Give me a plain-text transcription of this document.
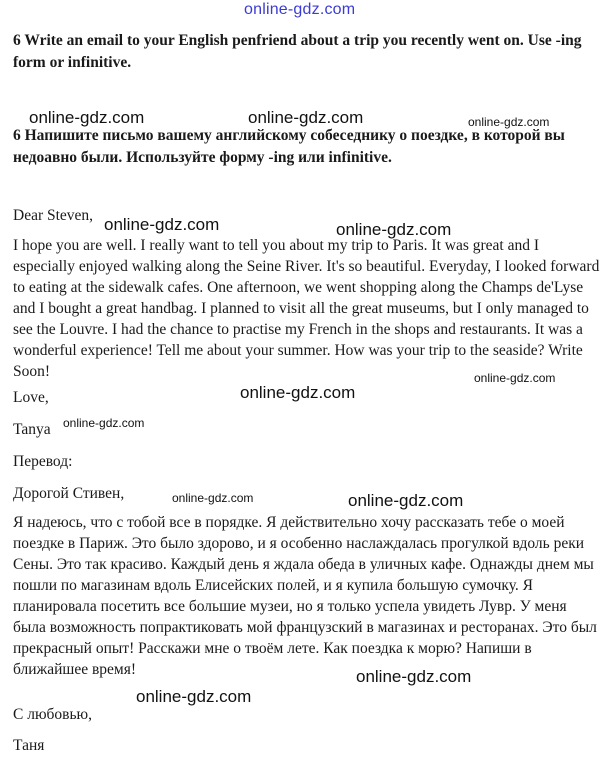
online-gdz.com

6 Write an email to your English penfriend about a trip you recently went on. Use -ing form or infinitive.

6 Напишите письмо вашему английскому собеседнику о поездке, в которой вы недоавно были. Используйте форму -ing или infinitive.

Dear Steven,

I hope you are well. I really want to tell you about my trip to Paris. It was great and I especially enjoyed walking along the Seine River. It's so beautiful. Everyday, I looked forward to eating at the sidewalk cafes. One afternoon, we went shopping along the Champs de'Lyse and I bought a great handbag. I planned to visit all the great museums, but I only managed to see the Louvre. I had the chance to practise my French in the shops and restaurants. It was a wonderful experience! Tell me about your summer. How was your trip to the seaside? Write Soon!

Love,
Tanya
Перевод:
Дорогой Стивен,

Я надеюсь, что с тобой все в порядке. Я действительно хочу рассказать тебе о моей поездке в Париж. Это было здорово, и я особенно наслаждалась прогулкой вдоль реки Сены. Это так красиво. Каждый день я ждала обеда в уличных кафе. Однажды днем мы пошли по магазинам вдоль Елисейских полей, и я купила большую сумочку. Я планировала посетить все большие музеи, но я только успела увидеть Лувр. У меня была возможность попрактиковать мой французский в магазинах и ресторанах. Это был прекрасный опыт! Расскажи мне о твоём лете. Как поездка к морю? Напиши в ближайшее время!

С любовью,
Таня
online-gdz.com	online-gdz.com	online-gdz.com
online-gdz.com	online-gdz.com
online-gdz.com
online-gdz.com
online-gdz.com
online-gdz.com	online-gdz.com
online-gdz.com
online-gdz.com
